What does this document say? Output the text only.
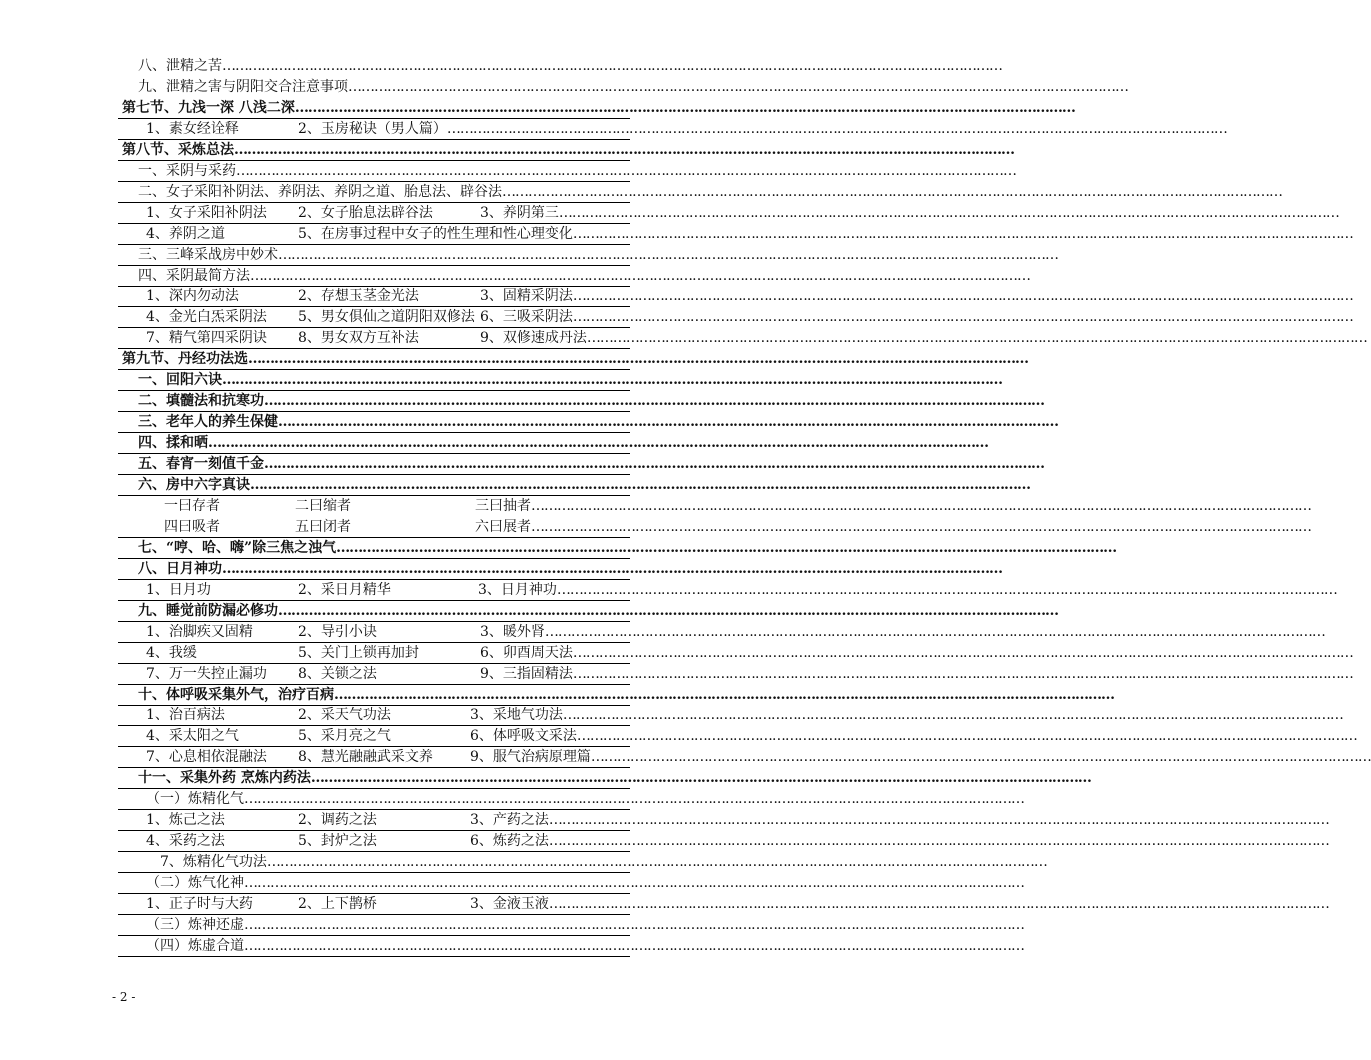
八、泄精之苦………………………………………………………………………………………………………………………………………………………………
九、泄精之害与阴阳交合注意事项………………………………………………………………………………………………………………………………………………………………
第七节、九浅一深 八浅二深………………………………………………………………………………………………………………………………………………………………
1、素女经诠释	2、玉房秘诀（男人篇）………………………………………………………………………………………………………………………………………………………………
第八节、采炼总法………………………………………………………………………………………………………………………………………………………………
一、采阴与采药………………………………………………………………………………………………………………………………………………………………
二、女子采阳补阴法、养阴法、养阴之道、胎息法、辟谷法………………………………………………………………………………………………………………………………………………………………
1、女子采阳补阴法 2、女子胎息法辟谷法	3、养阴第三………………………………………………………………………………………………………………………………………………………………
4、养阴之道	5、在房事过程中女子的性生理和性心理变化………………………………………………………………………………………………………………………………………………………………
三、三峰采战房中妙术………………………………………………………………………………………………………………………………………………………………
四、采阴最简方法………………………………………………………………………………………………………………………………………………………………
1、深内勿动法	2、存想玉茎金光法	3、固精采阴法………………………………………………………………………………………………………………………………………………………………
4、金光白炁采阴法 5、男女俱仙之道阴阳双修法 6、三吸采阴法………………………………………………………………………………………………………………………………………………………………
7、精气第四采阴诀 8、男女双方互补法	9、双修速成丹法………………………………………………………………………………………………………………………………………………………………
第九节、丹经功法选………………………………………………………………………………………………………………………………………………………………
一、回阳六诀………………………………………………………………………………………………………………………………………………………………
二、填髓法和抗寒功………………………………………………………………………………………………………………………………………………………………
三、老年人的养生保健………………………………………………………………………………………………………………………………………………………………
四、揉和晒………………………………………………………………………………………………………………………………………………………………
五、春宵一刻值千金………………………………………………………………………………………………………………………………………………………………
六、房中六字真诀………………………………………………………………………………………………………………………………………………………………
一曰存者	二曰缩者	三曰抽者………………………………………………………………………………………………………………………………………………………………
四曰吸者	五曰闭者	六曰展者………………………………………………………………………………………………………………………………………………………………
七、“哼、哈、嗨”除三焦之浊气………………………………………………………………………………………………………………………………………………………………
八、日月神功………………………………………………………………………………………………………………………………………………………………
1、日月功	2、采日月精华	3、日月神功………………………………………………………………………………………………………………………………………………………………
九、睡觉前防漏必修功………………………………………………………………………………………………………………………………………………………………
1、治脚疾又固精	2、导引小诀	3、暖外肾………………………………………………………………………………………………………………………………………………………………
4、我缓	5、关门上锁再加封	6、卯酉周天法………………………………………………………………………………………………………………………………………………………………
7、万一失控止漏功 8、关锁之法	9、三指固精法………………………………………………………………………………………………………………………………………………………………
十、体呼吸采集外气，治疗百病………………………………………………………………………………………………………………………………………………………………
1、治百病法	2、采天气功法	3、采地气功法………………………………………………………………………………………………………………………………………………………………
4、采太阳之气	5、采月亮之气	6、体呼吸文采法………………………………………………………………………………………………………………………………………………………………
7、心息相依混融法 8、慧光融融武采文养	9、服气治病原理篇………………………………………………………………………………………………………………………………………………………………
十一、采集外药 烹炼内药法………………………………………………………………………………………………………………………………………………………………
（一）炼精化气………………………………………………………………………………………………………………………………………………………………
1、炼己之法	2、调药之法	3、产药之法………………………………………………………………………………………………………………………………………………………………
4、采药之法	5、封炉之法	6、炼药之法………………………………………………………………………………………………………………………………………………………………
7、炼精化气功法………………………………………………………………………………………………………………………………………………………………
（二）炼气化神………………………………………………………………………………………………………………………………………………………………
1、正子时与大药	2、上下鹊桥	3、金液玉液………………………………………………………………………………………………………………………………………………………………
（三）炼神还虚………………………………………………………………………………………………………………………………………………………………
（四）炼虚合道………………………………………………………………………………………………………………………………………………………………
- 2 -
